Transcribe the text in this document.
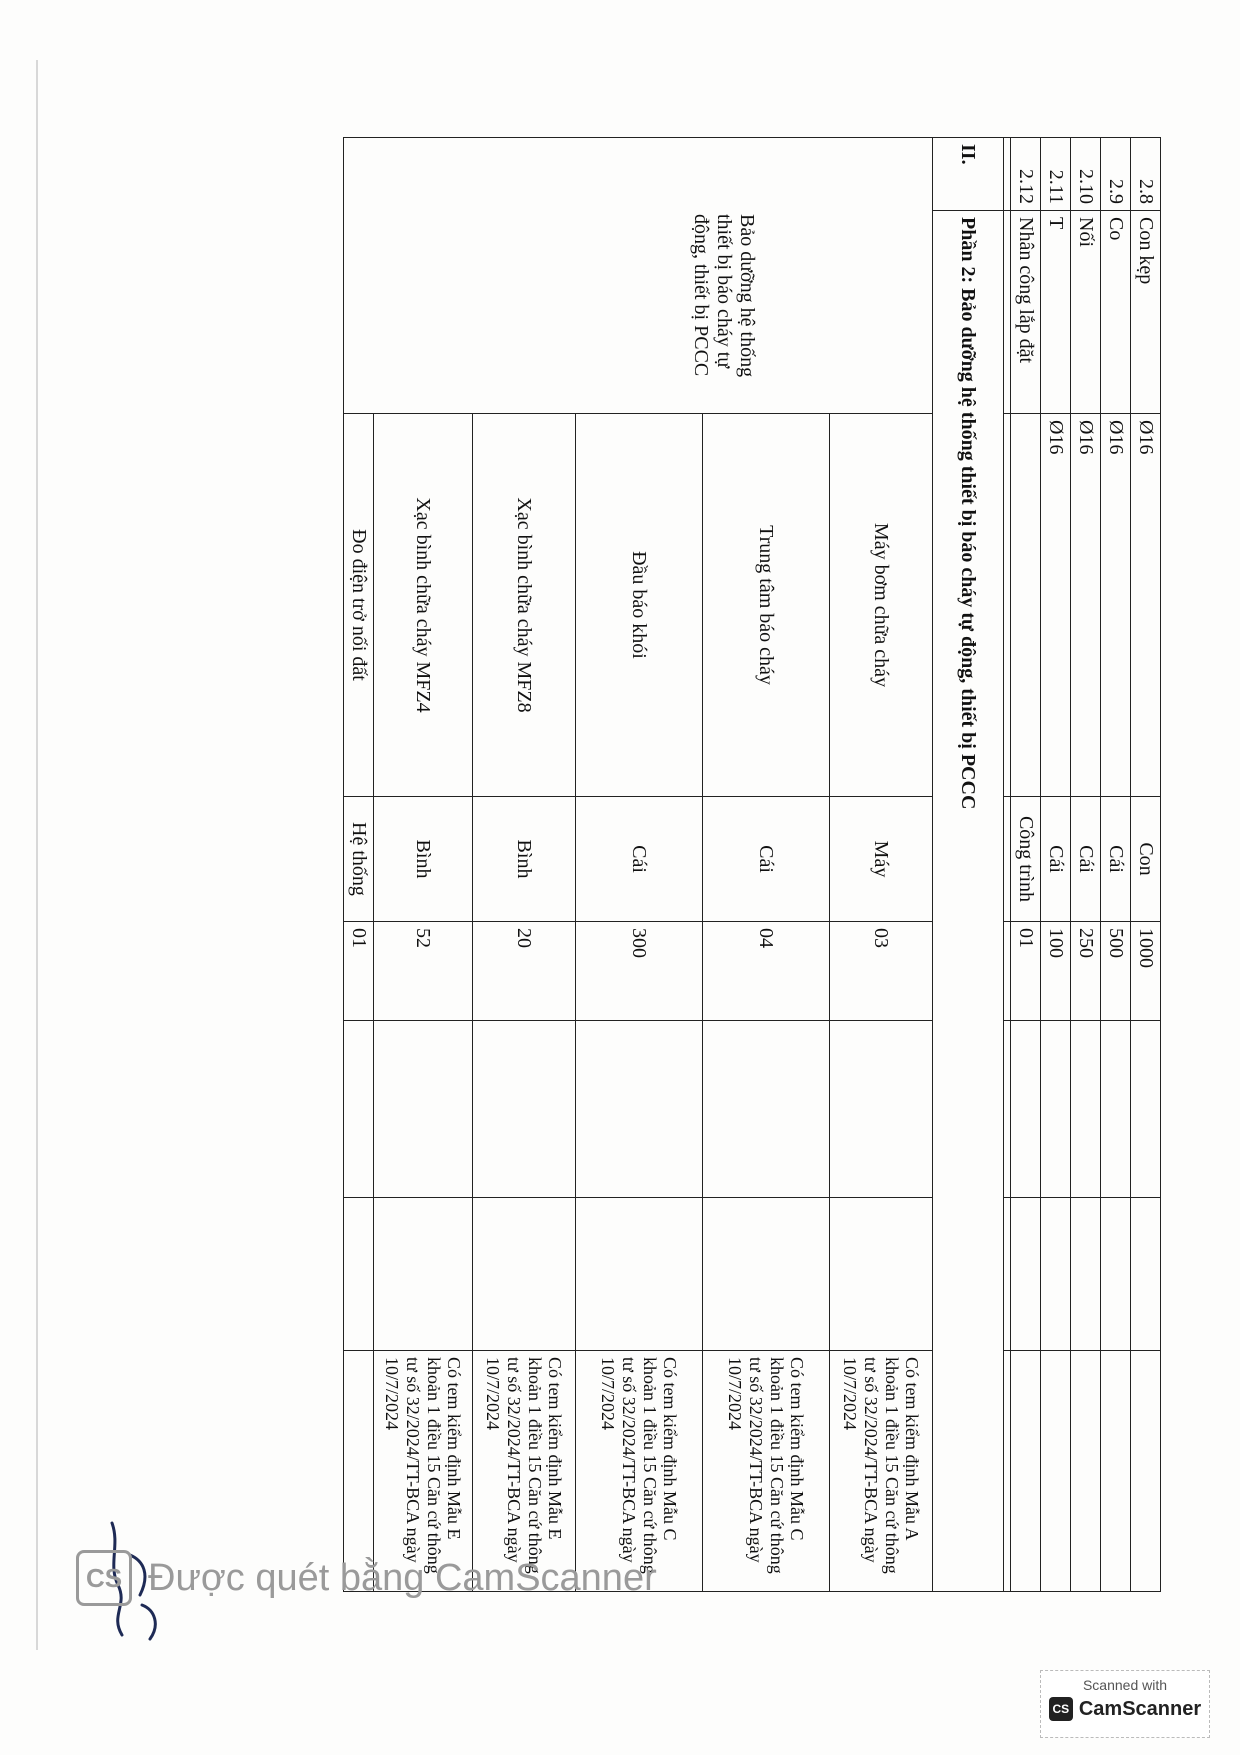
2.8	Con kẹp	Ø16	Con	1000			
2.9	Co	Ø16	Cái	500			
2.10	Nối	Ø16	Cái	250			
2.11	T	Ø16	Cái	100			
2.12	Nhân công lắp đặt		Công trình	01			

II.	Phần 2: Bảo dưỡng hệ thống thiết bị báo cháy tự động, thiết bị PCCC						

Bảo dưỡng hệ thống thiết bị báo cháy tự động, thiết bị PCCC		Máy bơm chữa cháy	Máy	03			Có tem kiểm định Mẫu A khoản 1 điều 15 Căn cứ thông tư số 32/2024/TT-BCA ngày 10/7/2024
		Trung tâm báo cháy	Cái	04			Có tem kiểm định Mẫu C khoản 1 điều 15 Căn cứ thông tư số 32/2024/TT-BCA ngày 10/7/2024
		Đầu báo khói	Cái	300			Có tem kiểm định Mẫu C khoản 1 điều 15 Căn cứ thông tư số 32/2024/TT-BCA ngày 10/7/2024
		Xạc bình chữa cháy MFZ8	Bình	20			Có tem kiểm định Mẫu E khoản 1 điều 15 Căn cứ thông tư số 32/2024/TT-BCA ngày 10/7/2024
		Xạc bình chữa cháy MFZ4	Bình	52			Có tem kiểm định Mẫu E khoản 1 điều 15 Căn cứ thông tư số 32/2024/TT-BCA ngày 10/7/2024
		Đo điện trở nối đất	Hệ thống	01			
CS Được quét bằng CamScanner
Scanned with
CS CamScanner
